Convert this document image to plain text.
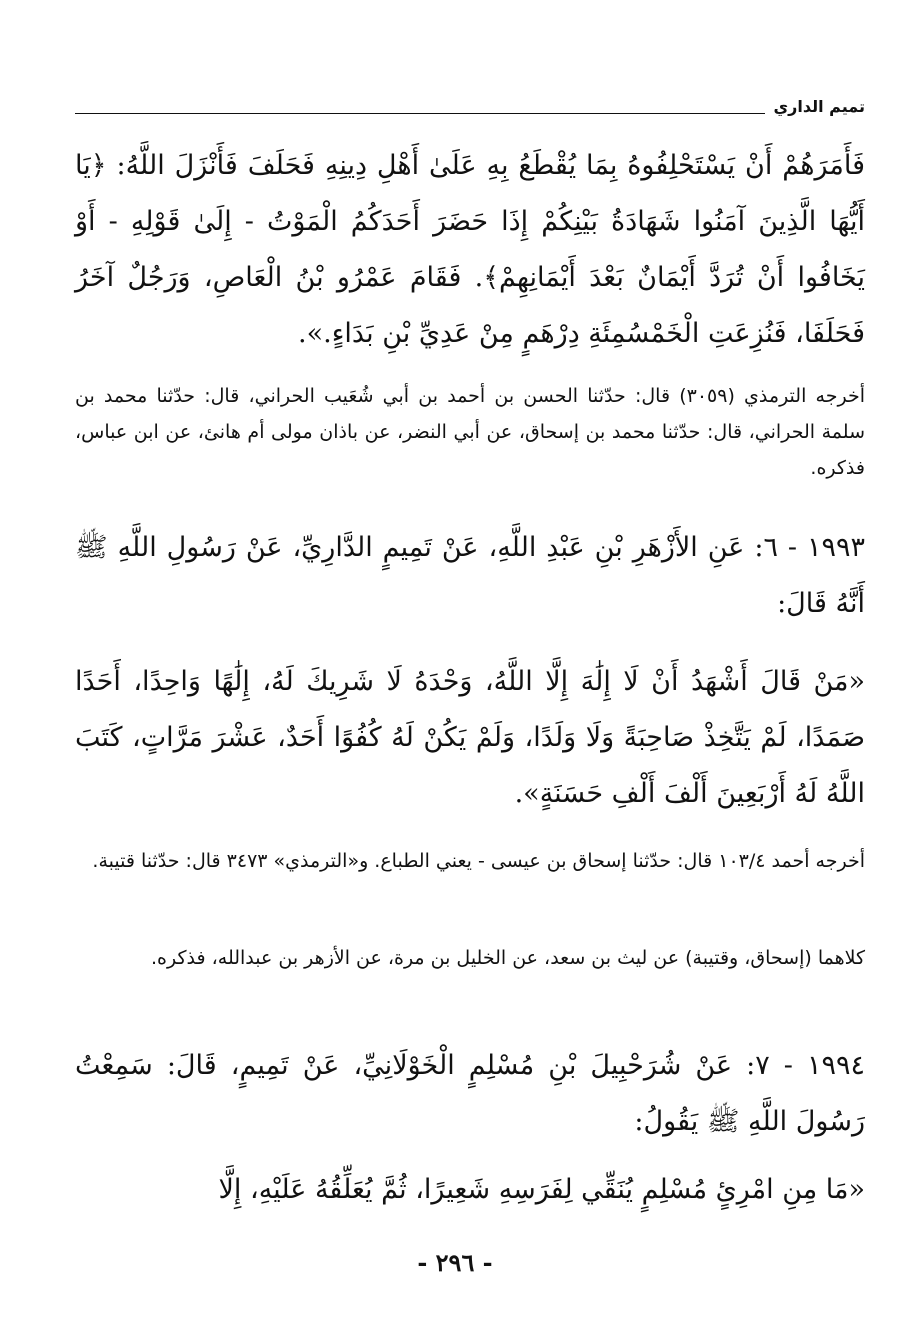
تميم الداري

فَأَمَرَهُمْ أَنْ يَسْتَحْلِفُوهُ بِمَا يُقْطَعُ بِهِ عَلَىٰ أَهْلِ دِينِهِ فَحَلَفَ فَأَنْزَلَ اللَّهُ: ﴿يَا أَيُّهَا الَّذِينَ آمَنُوا شَهَادَةُ بَيْنِكُمْ إِذَا حَضَرَ أَحَدَكُمُ الْمَوْتُ - إِلَىٰ قَوْلِهِ - أَوْ يَخَافُوا أَنْ تُرَدَّ أَيْمَانٌ بَعْدَ أَيْمَانِهِمْ﴾. فَقَامَ عَمْرُو بْنُ الْعَاصِ، وَرَجُلٌ آخَرُ فَحَلَفَا، فَنُزِعَتِ الْخَمْسُمِئَةِ دِرْهَمٍ مِنْ عَدِيِّ بْنِ بَدَاءٍ.».

أخرجه الترمذي (٣٠٥٩) قال: حدّثنا الحسن بن أحمد بن أبي شُعَيب الحراني، قال: حدّثنا محمد بن سلمة الحراني، قال: حدّثنا محمد بن إسحاق، عن أبي النضر، عن باذان مولى أم هانئ، عن ابن عباس، فذكره.

١٩٩٣ - ٦: عَنِ الأَزْهَرِ بْنِ عَبْدِ اللَّهِ، عَنْ تَمِيمٍ الدَّارِيِّ، عَنْ رَسُولِ اللَّهِ ﷺ أَنَّهُ قَالَ:

«مَنْ قَالَ أَشْهَدُ أَنْ لَا إِلَٰهَ إِلَّا اللَّهُ، وَحْدَهُ لَا شَرِيكَ لَهُ، إِلَٰهًا وَاحِدًا، أَحَدًا صَمَدًا، لَمْ يَتَّخِذْ صَاحِبَةً وَلَا وَلَدًا، وَلَمْ يَكُنْ لَهُ كُفُوًا أَحَدٌ، عَشْرَ مَرَّاتٍ، كَتَبَ اللَّهُ لَهُ أَرْبَعِينَ أَلْفَ أَلْفِ حَسَنَةٍ».

أخرجه أحمد ١٠٣/٤ قال: حدّثنا إسحاق بن عيسى - يعني الطباع. و«الترمذي» ٣٤٧٣ قال: حدّثنا قتيبة.

كلاهما (إسحاق، وقتيبة) عن ليث بن سعد، عن الخليل بن مرة، عن الأزهر بن عبدالله، فذكره.

١٩٩٤ - ٧: عَنْ شُرَحْبِيلَ بْنِ مُسْلِمٍ الْخَوْلَانِيِّ، عَنْ تَمِيمٍ، قَالَ: سَمِعْتُ رَسُولَ اللَّهِ ﷺ يَقُولُ:

«مَا مِنِ امْرِئٍ مُسْلِمٍ يُنَقِّي لِفَرَسِهِ شَعِيرًا، ثُمَّ يُعَلِّقُهُ عَلَيْهِ، إِلَّا

- ٢٩٦ -
